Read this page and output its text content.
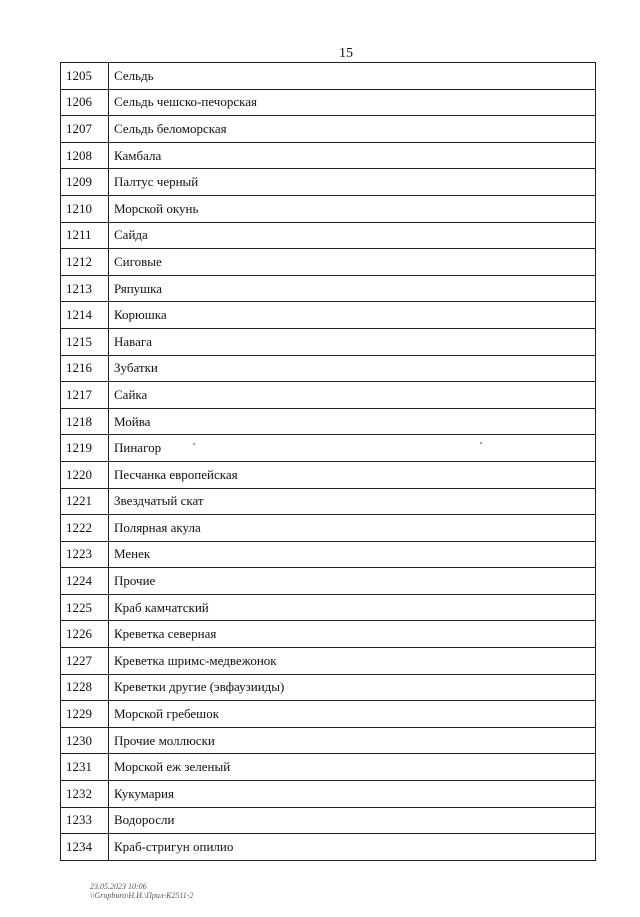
15
1205	Сельдь
1206	Сельдь чешско-печорская
1207	Сельдь беломорская
1208	Камбала
1209	Палтус черный
1210	Морской окунь
1211	Сайда
1212	Сиговые
1213	Ряпушка
1214	Корюшка
1215	Навага
1216	Зубатки
1217	Сайка
1218	Мойва
1219	Пинагор
1220	Песчанка европейская
1221	Звездчатый скат
1222	Полярная акула
1223	Менек
1224	Прочие
1225	Краб камчатский
1226	Креветка северная
1227	Креветка шримс-медвежонок
1228	Креветки другие (эвфаузииды)
1229	Морской гребешок
1230	Прочие моллюски
1231	Морской еж зеленый
1232	Кукумария
1233	Водоросли
1234	Краб-стригун опилио
23.05.2023 10:06
\\Grupburo\Н.И.\Прил-К2511-2
